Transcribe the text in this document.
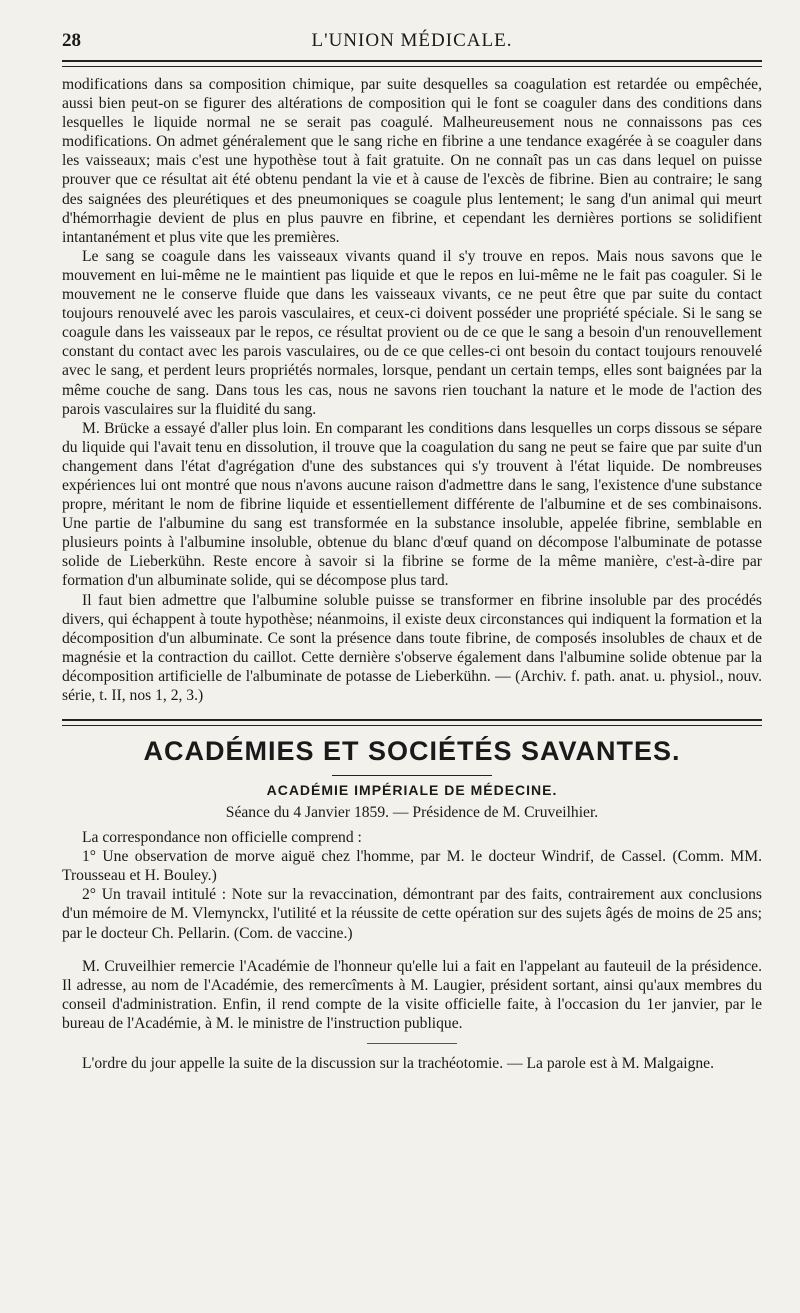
28	L'UNION MÉDICALE.

modifications dans sa composition chimique, par suite desquelles sa coagulation est retardée ou empêchée, aussi bien peut-on se figurer des altérations de composition qui le font se coaguler dans des conditions dans lesquelles le liquide normal ne se serait pas coagulé. Malheureusement nous ne connaissons pas ces modifications. On admet généralement que le sang riche en fibrine a une tendance exagérée à se coaguler dans les vaisseaux; mais c'est une hypothèse tout à fait gratuite. On ne connaît pas un cas dans lequel on puisse prouver que ce résultat ait été obtenu pendant la vie et à cause de l'excès de fibrine. Bien au contraire; le sang des saignées des pleurétiques et des pneumoniques se coagule plus lentement; le sang d'un animal qui meurt d'hémorrhagie devient de plus en plus pauvre en fibrine, et cependant les dernières portions se solidifient intantanément et plus vite que les premières.

Le sang se coagule dans les vaisseaux vivants quand il s'y trouve en repos. Mais nous savons que le mouvement en lui-même ne le maintient pas liquide et que le repos en lui-même ne le fait pas coaguler. Si le mouvement ne le conserve fluide que dans les vaisseaux vivants, ce ne peut être que par suite du contact toujours renouvelé avec les parois vasculaires, et ceux-ci doivent posséder une propriété spéciale. Si le sang se coagule dans les vaisseaux par le repos, ce résultat provient ou de ce que le sang a besoin d'un renouvellement constant du contact avec les parois vasculaires, ou de ce que celles-ci ont besoin du contact toujours renouvelé avec le sang, et perdent leurs propriétés normales, lorsque, pendant un certain temps, elles sont baignées par la même couche de sang. Dans tous les cas, nous ne savons rien touchant la nature et le mode de l'action des parois vasculaires sur la fluidité du sang.

M. Brücke a essayé d'aller plus loin. En comparant les conditions dans lesquelles un corps dissous se sépare du liquide qui l'avait tenu en dissolution, il trouve que la coagulation du sang ne peut se faire que par suite d'un changement dans l'état d'agrégation d'une des substances qui s'y trouvent à l'état liquide. De nombreuses expériences lui ont montré que nous n'avons aucune raison d'admettre dans le sang, l'existence d'une substance propre, méritant le nom de fibrine liquide et essentiellement différente de l'albumine et de ses combinaisons. Une partie de l'albumine du sang est transformée en la substance insoluble, appelée fibrine, semblable en plusieurs points à l'albumine insoluble, obtenue du blanc d'œuf quand on décompose l'albuminate de potasse solide de Lieberkühn. Reste encore à savoir si la fibrine se forme de la même manière, c'est-à-dire par formation d'un albuminate solide, qui se décompose plus tard.

Il faut bien admettre que l'albumine soluble puisse se transformer en fibrine insoluble par des procédés divers, qui échappent à toute hypothèse; néanmoins, il existe deux circonstances qui indiquent la formation et la décomposition d'un albuminate. Ce sont la présence dans toute fibrine, de composés insolubles de chaux et de magnésie et la contraction du caillot. Cette dernière s'observe également dans l'albumine solide obtenue par la décomposition artificielle de l'albuminate de potasse de Lieberkühn. — (Archiv. f. path. anat. u. physiol., nouv. série, t. II, nos 1, 2, 3.)

ACADÉMIES ET SOCIÉTÉS SAVANTES.
ACADÉMIE IMPÉRIALE DE MÉDECINE.
Séance du 4 Janvier 1859. — Présidence de M. Cruveilhier.

La correspondance non officielle comprend :

1° Une observation de morve aiguë chez l'homme, par M. le docteur Windrif, de Cassel. (Comm. MM. Trousseau et H. Bouley.)

2° Un travail intitulé : Note sur la revaccination, démontrant par des faits, contrairement aux conclusions d'un mémoire de M. Vlemynckx, l'utilité et la réussite de cette opération sur des sujets âgés de moins de 25 ans; par le docteur Ch. Pellarin. (Com. de vaccine.)

M. Cruveilhier remercie l'Académie de l'honneur qu'elle lui a fait en l'appelant au fauteuil de la présidence. Il adresse, au nom de l'Académie, des remercîments à M. Laugier, président sortant, ainsi qu'aux membres du conseil d'administration. Enfin, il rend compte de la visite officielle faite, à l'occasion du 1er janvier, par le bureau de l'Académie, à M. le ministre de l'instruction publique.

L'ordre du jour appelle la suite de la discussion sur la trachéotomie. — La parole est à M. Malgaigne.
